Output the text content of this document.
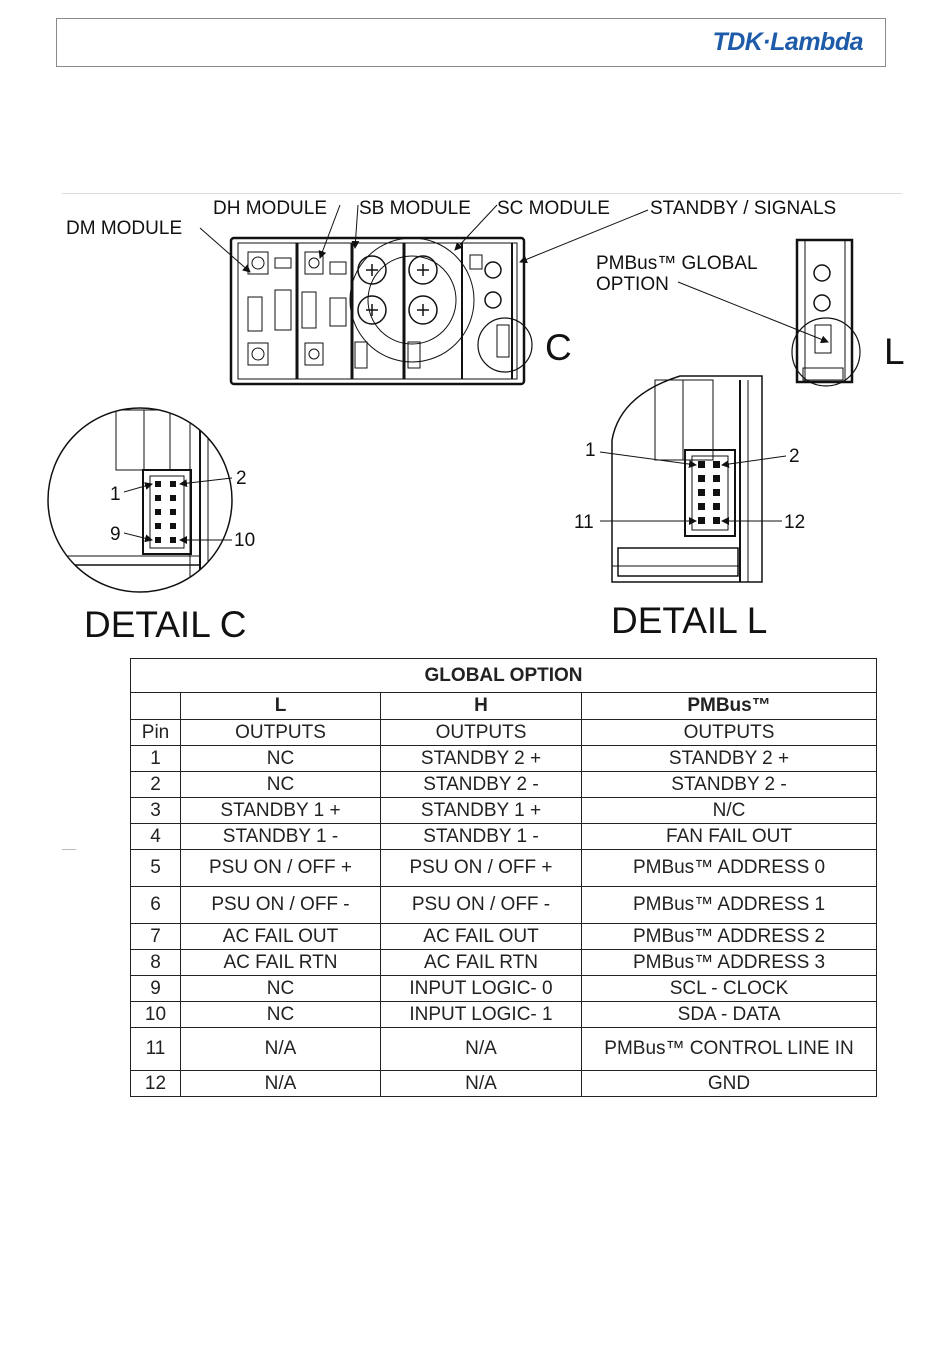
TDK·Lambda
C	L
DM MODULE
DH MODULE SB MODULE SC MODULE STANDBY / SIGNALS
PMBus™ GLOBAL
OPTION
1
2
9	10
DETAIL C
1	2
11	12
DETAIL L
GLOBAL OPTION			
	L	H	PMBus™
Pin	OUTPUTS	OUTPUTS	OUTPUTS
1	NC	STANDBY 2 +	STANDBY 2 +
2	NC	STANDBY 2 -	STANDBY 2 -
3	STANDBY 1 +	STANDBY 1 +	N/C
4	STANDBY 1 -	STANDBY 1 -	FAN FAIL OUT
5	PSU ON / OFF +	PSU ON / OFF +	PMBus™ ADDRESS 0
6	PSU ON / OFF -	PSU ON / OFF -	PMBus™ ADDRESS 1
7	AC FAIL OUT	AC FAIL OUT	PMBus™ ADDRESS 2
8	AC FAIL RTN	AC FAIL RTN	PMBus™ ADDRESS 3
9	NC	INPUT LOGIC- 0	SCL - CLOCK
10	NC	INPUT LOGIC- 1	SDA - DATA
11	N/A	N/A	PMBus™ CONTROL LINE IN
12	N/A	N/A	GND
